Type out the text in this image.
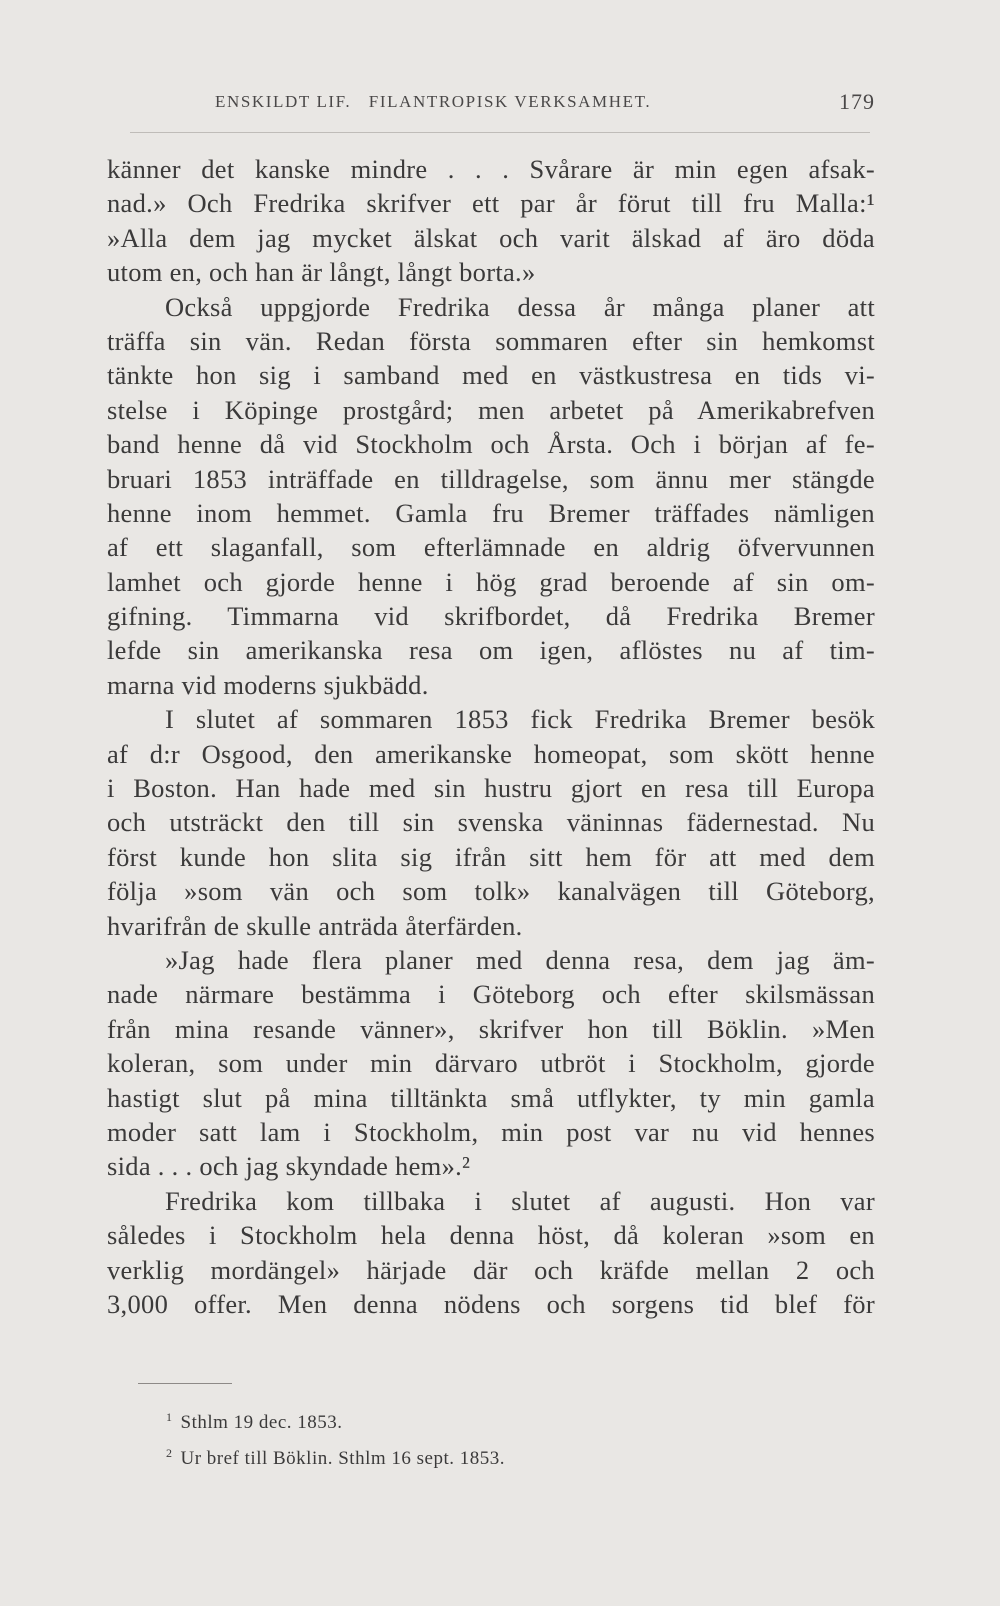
ENSKILDT LIF.   FILANTROPISK VERKSAMHET.	179
känner det kanske mindre . . . Svårare är min egen afsak-
nad.» Och Fredrika skrifver ett par år förut till fru Malla:¹
»Alla dem jag mycket älskat och varit älskad af äro döda
utom en, och han är långt, långt borta.»
Också uppgjorde Fredrika dessa år många planer att
träffa sin vän. Redan första sommaren efter sin hemkomst
tänkte hon sig i samband med en västkustresa en tids vi-
stelse i Köpinge prostgård; men arbetet på Amerikabrefven
band henne då vid Stockholm och Årsta. Och i början af fe-
bruari 1853 inträffade en tilldragelse, som ännu mer stängde
henne inom hemmet. Gamla fru Bremer träffades nämligen
af ett slaganfall, som efterlämnade en aldrig öfvervunnen
lamhet och gjorde henne i hög grad beroende af sin om-
gifning. Timmarna vid skrifbordet, då Fredrika Bremer
lefde sin amerikanska resa om igen, aflöstes nu af tim-
marna vid moderns sjukbädd.
I slutet af sommaren 1853 fick Fredrika Bremer besök
af d:r Osgood, den amerikanske homeopat, som skött henne
i Boston. Han hade med sin hustru gjort en resa till Europa
och utsträckt den till sin svenska väninnas fädernestad. Nu
först kunde hon slita sig ifrån sitt hem för att med dem
följa »som vän och som tolk» kanalvägen till Göteborg,
hvarifrån de skulle anträda återfärden.
»Jag hade flera planer med denna resa, dem jag äm-
nade närmare bestämma i Göteborg och efter skilsmässan
från mina resande vänner», skrifver hon till Böklin. »Men
koleran, som under min därvaro utbröt i Stockholm, gjorde
hastigt slut på mina tilltänkta små utflykter, ty min gamla
moder satt lam i Stockholm, min post var nu vid hennes
sida . . . och jag skyndade hem».²
Fredrika kom tillbaka i slutet af augusti. Hon var
således i Stockholm hela denna höst, då koleran »som en
verklig mordängel» härjade där och kräfde mellan 2 och
3,000 offer. Men denna nödens och sorgens tid blef för
$^1$ Sthlm 19 dec. 1853.
$^2$ Ur bref till Böklin. Sthlm 16 sept. 1853.
